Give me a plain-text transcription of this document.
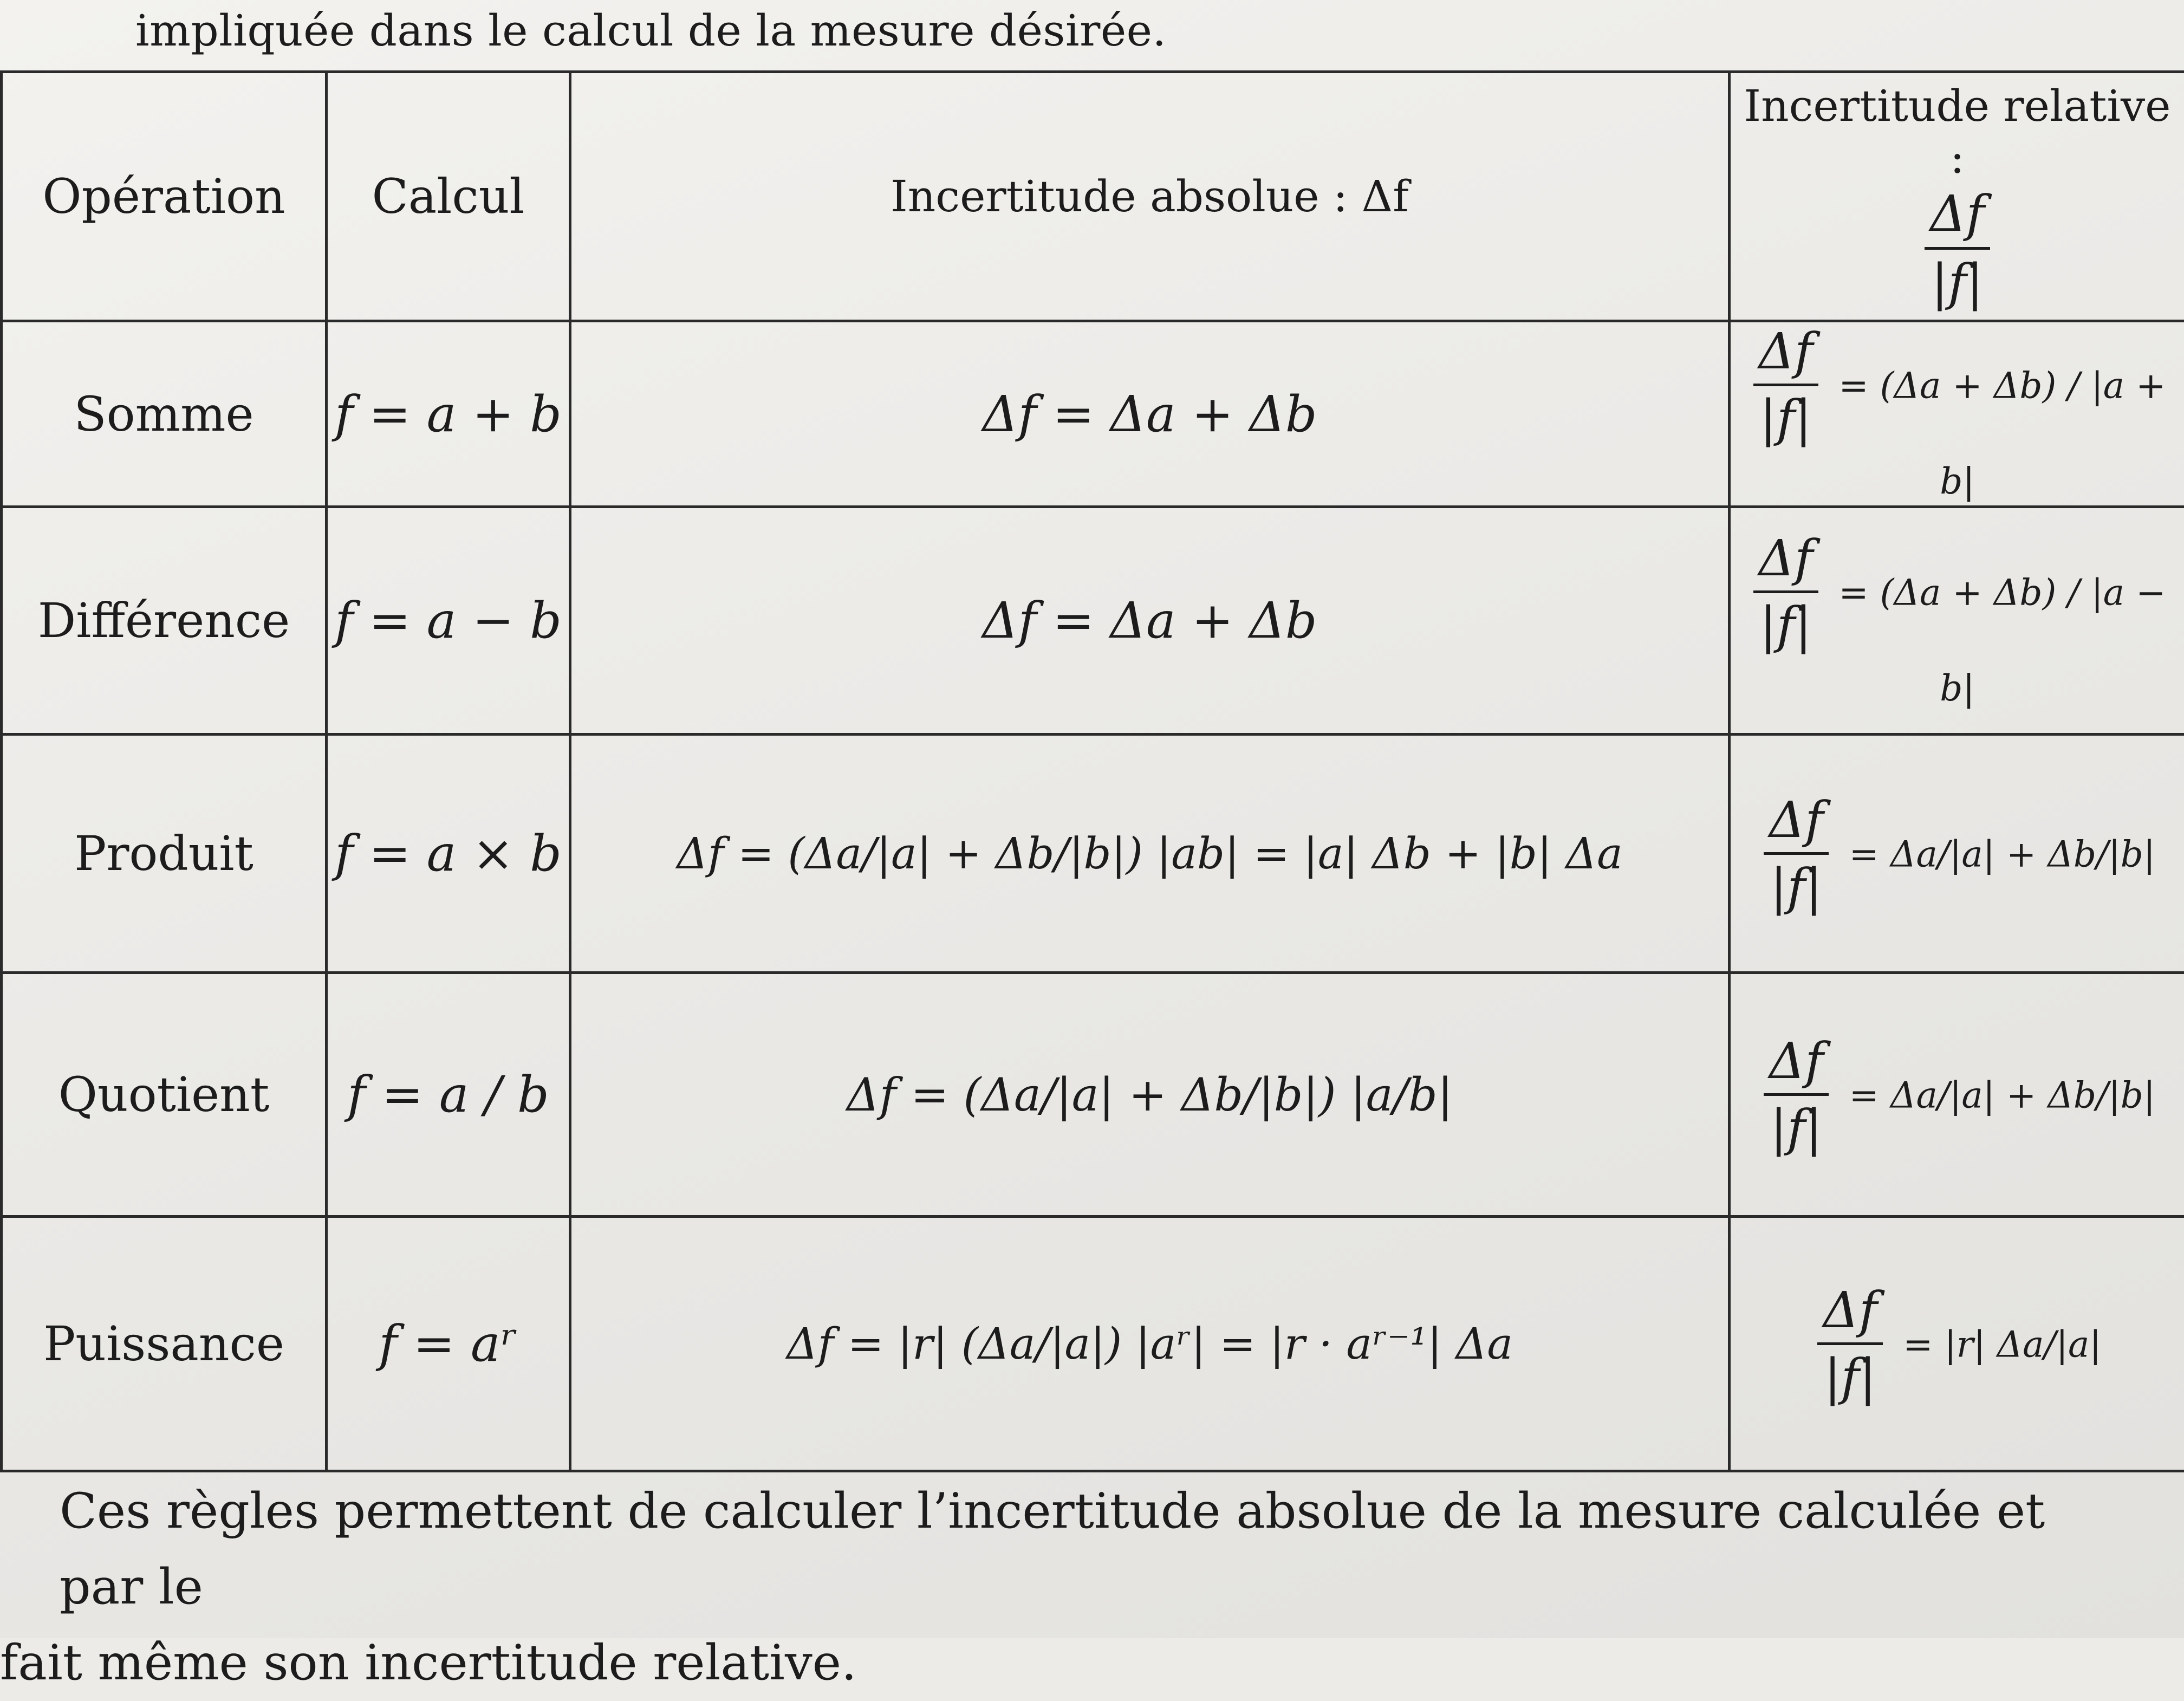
impliquée dans le calcul de la mesure désirée.
Opération	Calcul	Incertitude absolue : Δf	Incertitude relative :
$\frac{\Delta f}{|f|}$

Somme	f = a + b	Δf = Δa + Δb	$\frac{\Delta f}{|f|} = (\Delta a + \Delta b) / |a + b|$
Différence	f = a − b	Δf = Δa + Δb	$\frac{\Delta f}{|f|} = (\Delta a + \Delta b) / |a - b|$
Produit	f = a × b	Δf = (Δa/|a| + Δb/|b|) |ab| = |a| Δb + |b| Δa	$\frac{\Delta f}{|f|} = \Delta a/|a| + \Delta b/|b|$
Quotient	f = a / b	Δf = (Δa/|a| + Δb/|b|) |a/b|	$\frac{\Delta f}{|f|} = \Delta a/|a| + \Delta b/|b|$
Puissance	f = aʳ	Δf = |r| (Δa/|a|) |aʳ| = |r · aʳ⁻¹| Δa	$\frac{\Delta f}{|f|} = |r|$ Δa/|a|
Ces règles permettent de calculer l’incertitude absolue de la mesure calculée et par le
fait même son incertitude relative.
